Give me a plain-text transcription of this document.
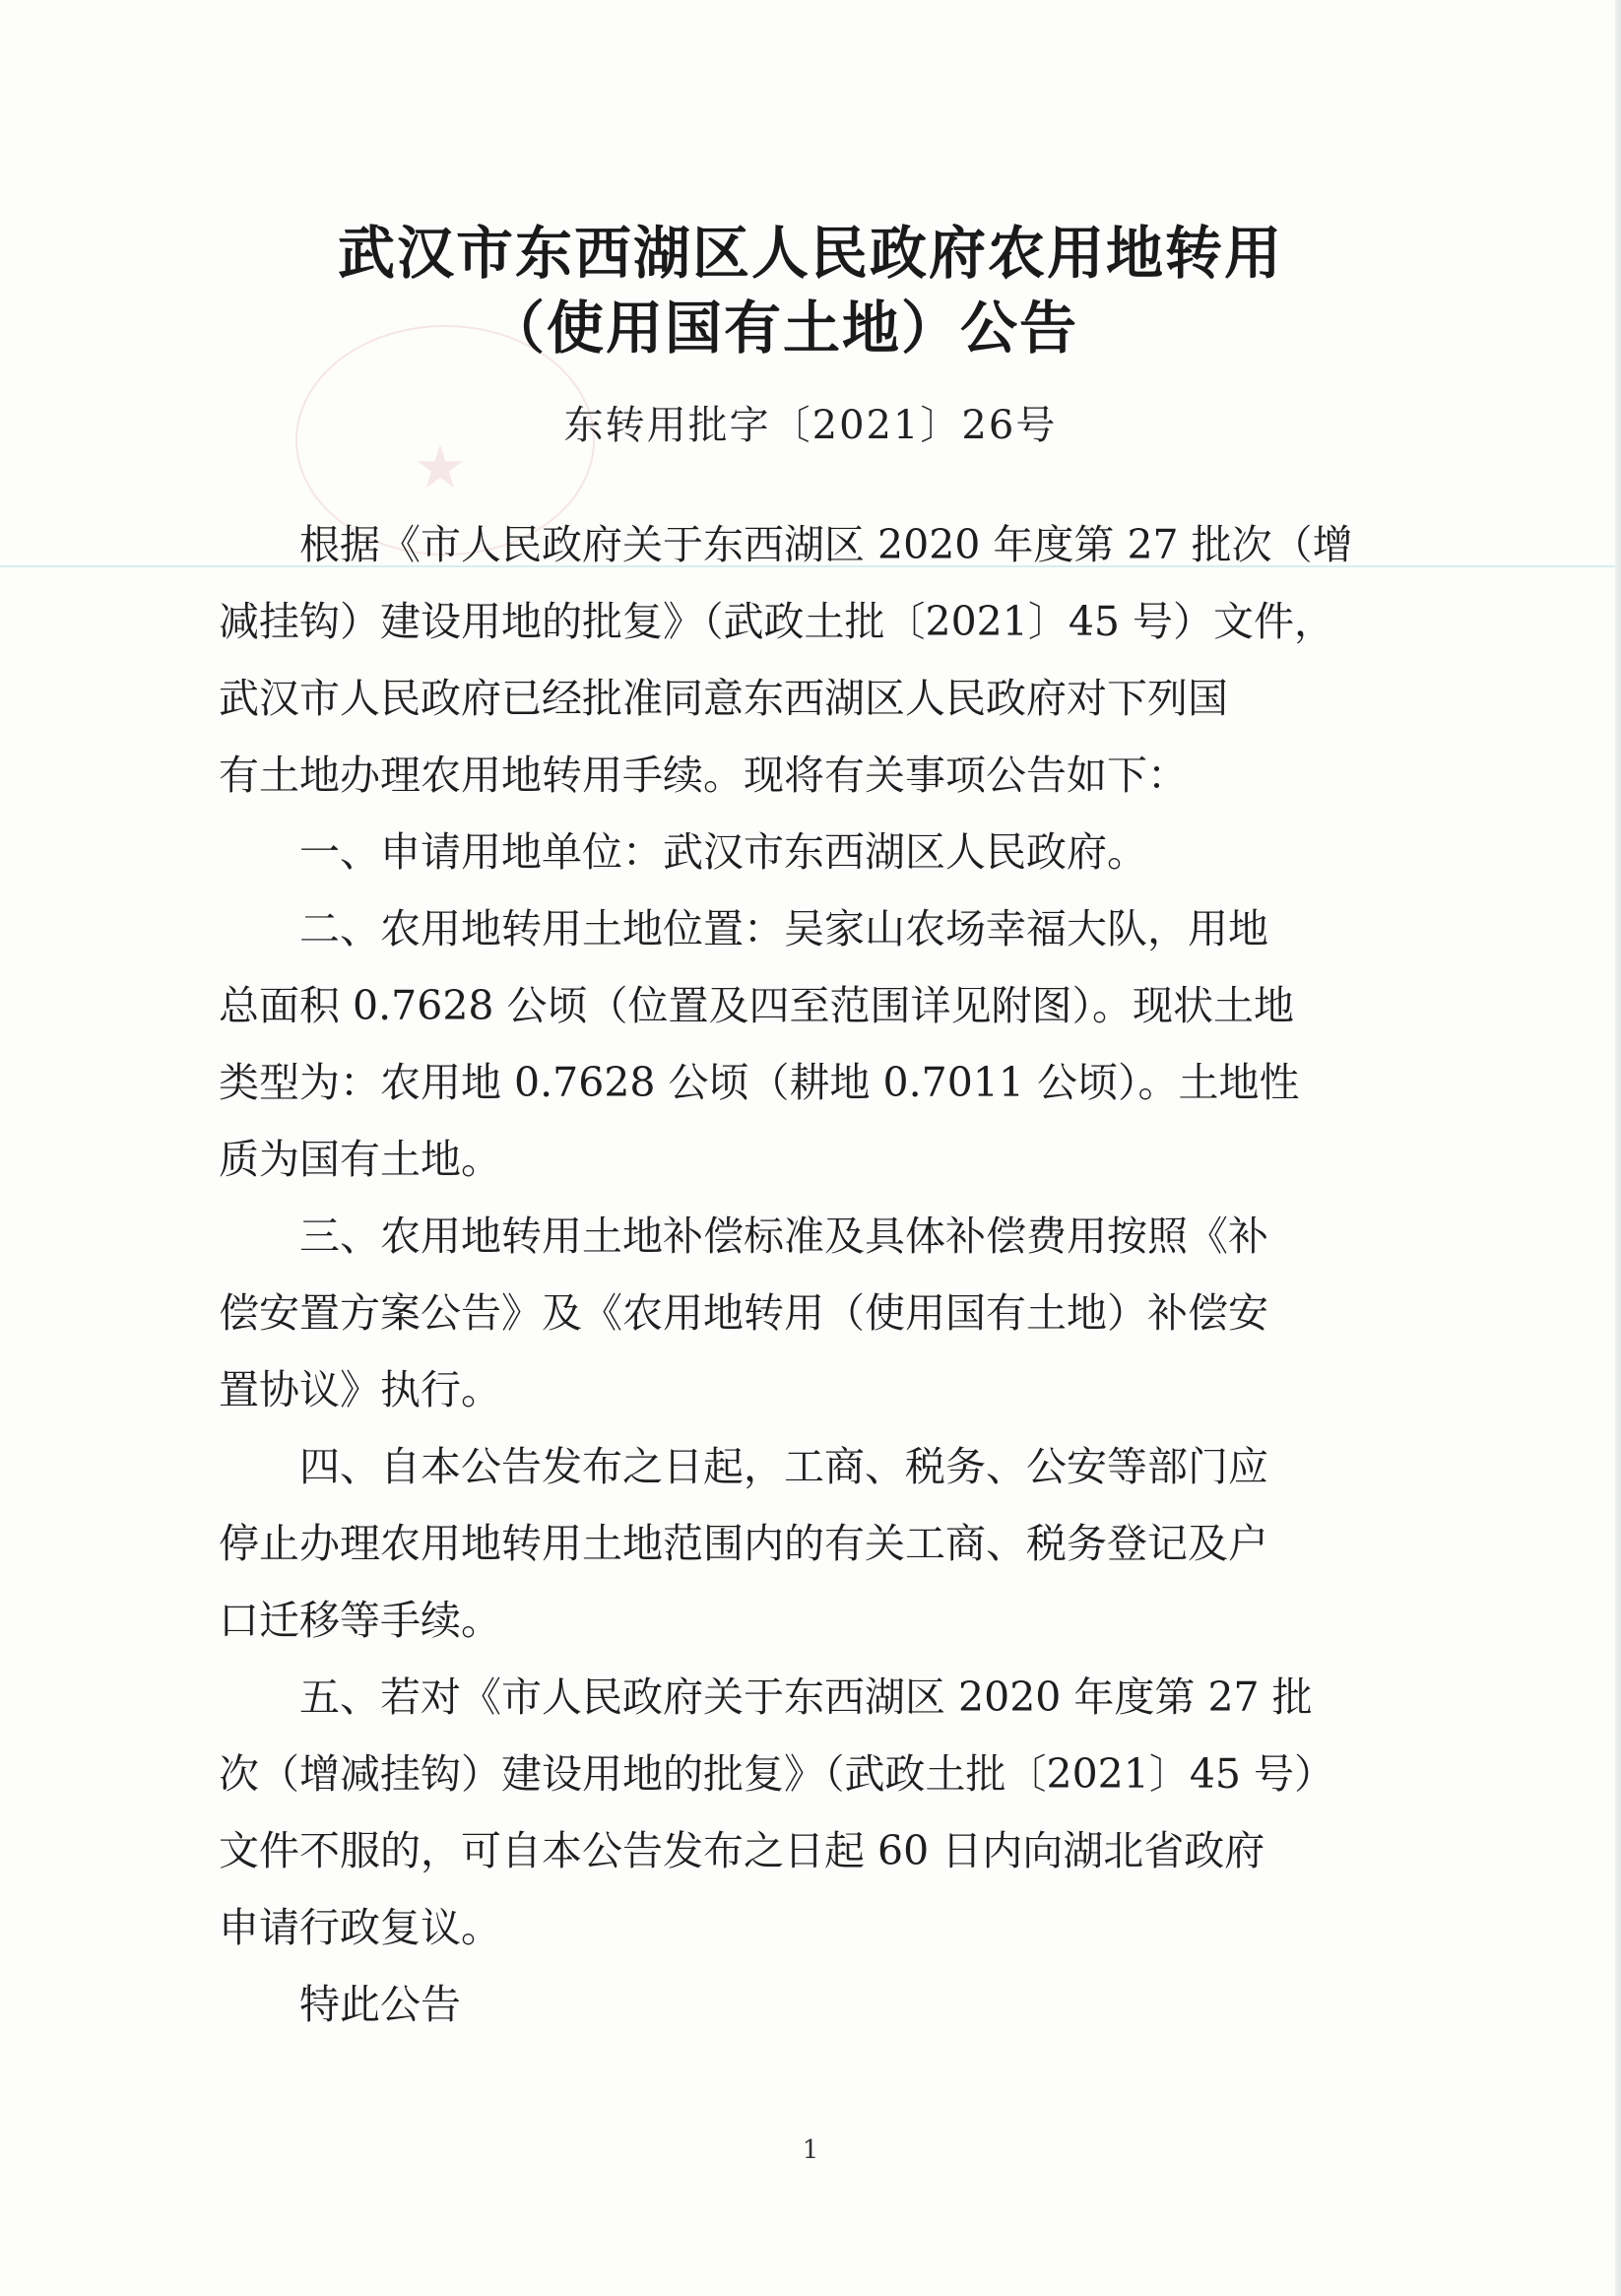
★
武汉市东西湖区人民政府农用地转用
（使用国有土地）公告
东转用批字〔2021〕26号
　　根据《市人民政府关于东西湖区 2020 年度第 27 批次（增
减挂钩）建设用地的批复》（武政土批〔2021〕45 号）文件，
武汉市人民政府已经批准同意东西湖区人民政府对下列国
有土地办理农用地转用手续。现将有关事项公告如下：
　　一、申请用地单位：武汉市东西湖区人民政府。
　　二、农用地转用土地位置：吴家山农场幸福大队，用地
总面积 0.7628 公顷（位置及四至范围详见附图）。现状土地
类型为：农用地 0.7628 公顷（耕地 0.7011 公顷）。土地性
质为国有土地。
　　三、农用地转用土地补偿标准及具体补偿费用按照《补
偿安置方案公告》及《农用地转用（使用国有土地）补偿安
置协议》执行。
　　四、自本公告发布之日起，工商、税务、公安等部门应
停止办理农用地转用土地范围内的有关工商、税务登记及户
口迁移等手续。
　　五、若对《市人民政府关于东西湖区 2020 年度第 27 批
次（增减挂钩）建设用地的批复》（武政土批〔2021〕45 号）
文件不服的，可自本公告发布之日起 60 日内向湖北省政府
申请行政复议。
　　特此公告
1
